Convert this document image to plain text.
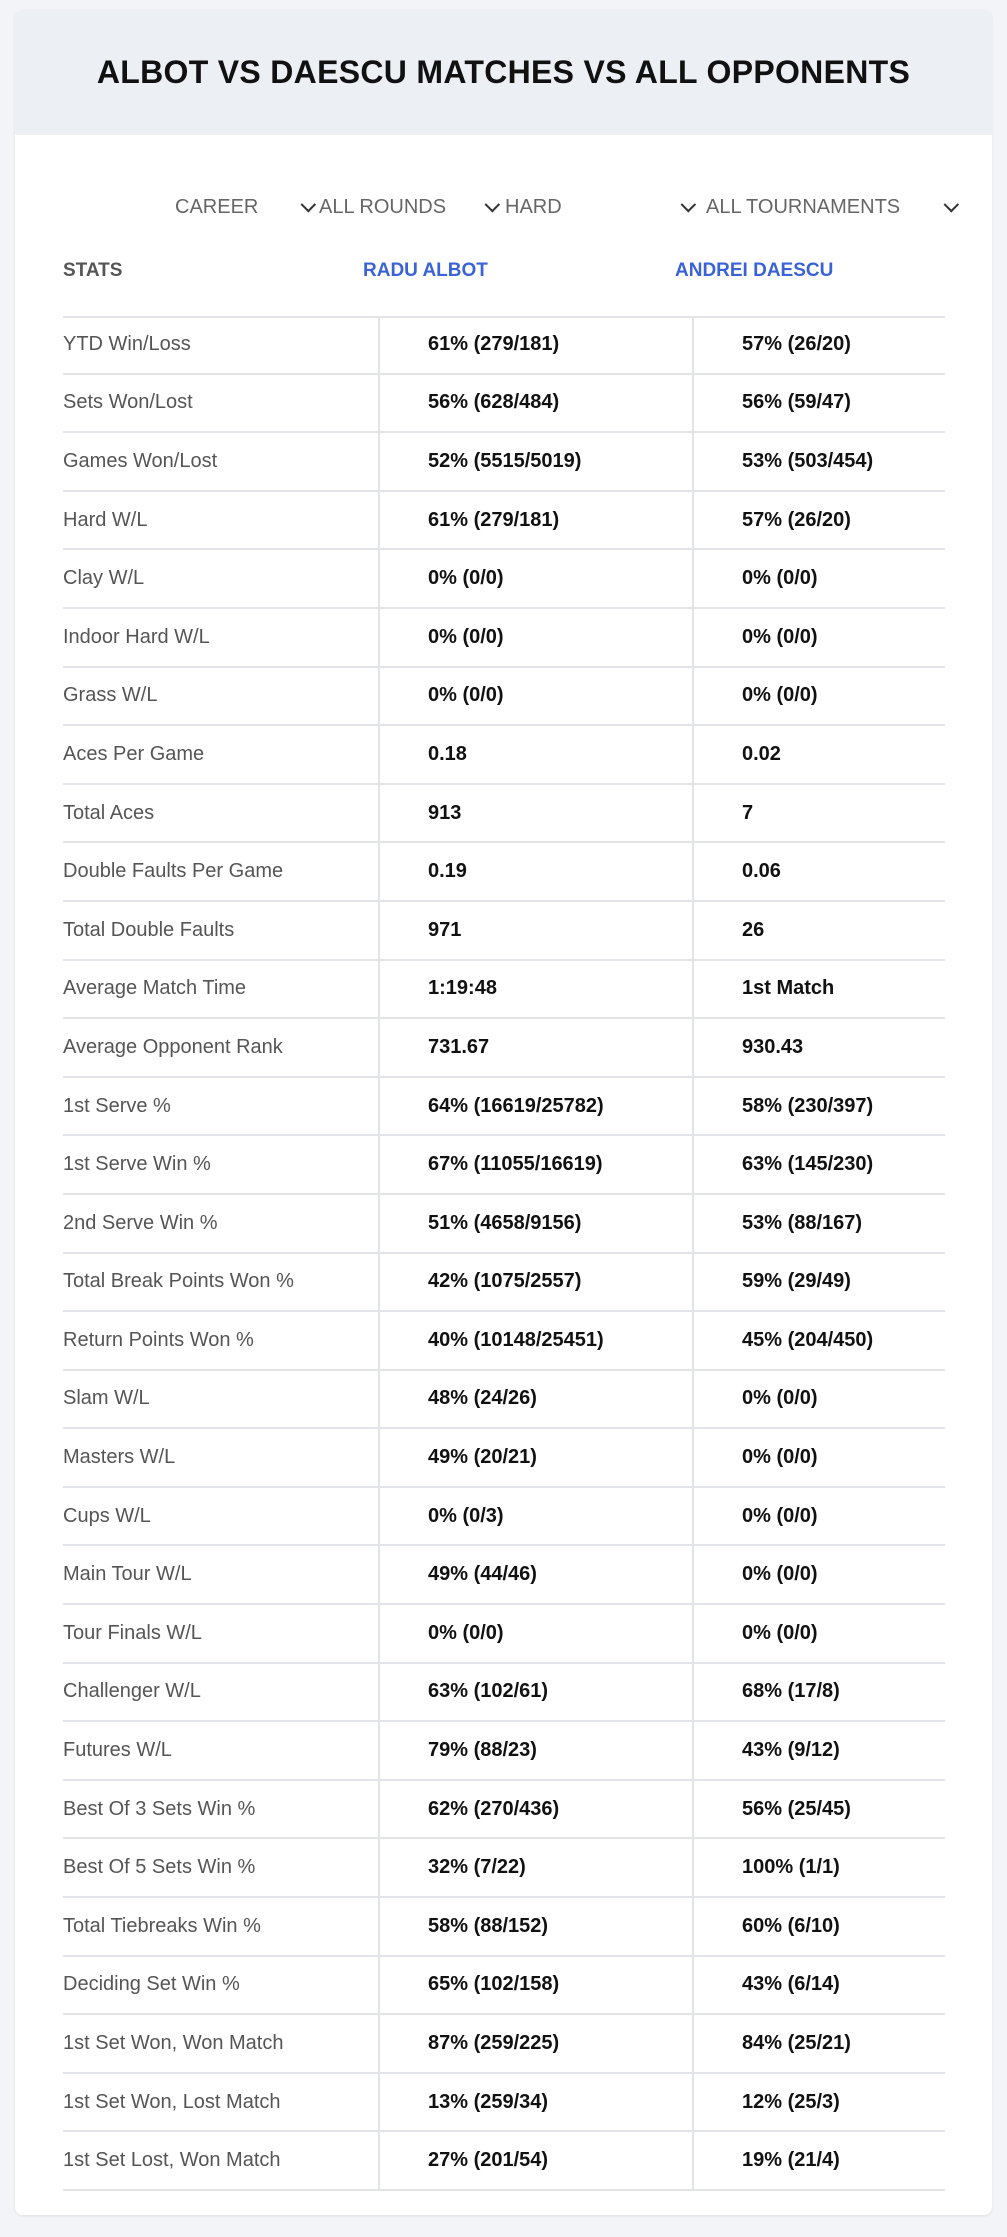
ALBOT VS DAESCU MATCHES VS ALL OPPONENTS
CAREER	ALL ROUNDS	HARD	ALL TOURNAMENTS
STATS	RADU ALBOT	ANDREI DAESCU
YTD Win/Loss	61% (279/181)	57% (26/20)
Sets Won/Lost	56% (628/484)	56% (59/47)
Games Won/Lost	52% (5515/5019)	53% (503/454)
Hard W/L	61% (279/181)	57% (26/20)
Clay W/L	0% (0/0)	0% (0/0)
Indoor Hard W/L	0% (0/0)	0% (0/0)
Grass W/L	0% (0/0)	0% (0/0)
Aces Per Game	0.18	0.02
Total Aces	913	7
Double Faults Per Game	0.19	0.06
Total Double Faults	971	26
Average Match Time	1:19:48	1st Match
Average Opponent Rank	731.67	930.43
1st Serve %	64% (16619/25782)	58% (230/397)
1st Serve Win %	67% (11055/16619)	63% (145/230)
2nd Serve Win %	51% (4658/9156)	53% (88/167)
Total Break Points Won %	42% (1075/2557)	59% (29/49)
Return Points Won %	40% (10148/25451)	45% (204/450)
Slam W/L	48% (24/26)	0% (0/0)
Masters W/L	49% (20/21)	0% (0/0)
Cups W/L	0% (0/3)	0% (0/0)
Main Tour W/L	49% (44/46)	0% (0/0)
Tour Finals W/L	0% (0/0)	0% (0/0)
Challenger W/L	63% (102/61)	68% (17/8)
Futures W/L	79% (88/23)	43% (9/12)
Best Of 3 Sets Win %	62% (270/436)	56% (25/45)
Best Of 5 Sets Win %	32% (7/22)	100% (1/1)
Total Tiebreaks Win %	58% (88/152)	60% (6/10)
Deciding Set Win %	65% (102/158)	43% (6/14)
1st Set Won, Won Match	87% (259/225)	84% (25/21)
1st Set Won, Lost Match	13% (259/34)	12% (25/3)
1st Set Lost, Won Match	27% (201/54)	19% (21/4)
